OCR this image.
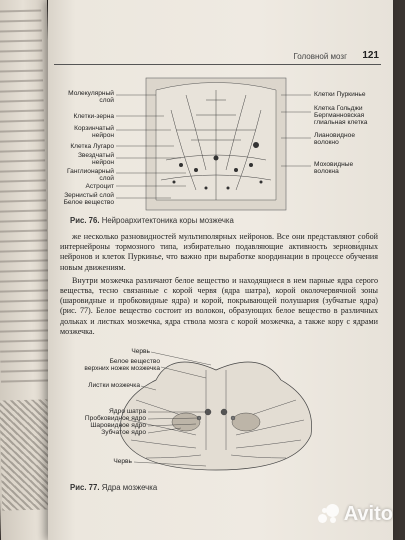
Головной мозг 121
Молекулярный
слой
Клетки-зерна
Корзинчатый
нейрон
Клетка Лугаро
Звездчатый
нейрон
Ганглионарный
слой
Астроцит
Зернистый слой
Белое вещество
Клетки Пуркинье
Клетка Гольджи
Бергманновская
глиальная клетка
Лиановидное
волокно
Моховидные
волокна
Рис. 76. Нейроархитектоника коры мозжечка

же несколько разновидностей мультиполярных нейронов. Все они представляют собой интернейроны тормозного типа, избирательно подавляющие активность зернови́дных нейронов и клеток Пуркинье, что важно при выработке координации в процессе обучения новым движениям.

Внутри мозжечка различают белое вещество и находящиеся в нем парные ядра серого вещества, тесно связанные с корой червя (ядра шатра), корой околочервячной зоны (шаровидные и пробковидные ядра) и корой, покрывающей полушария (зубчатые ядра) (рис. 77). Белое вещество состоит из волокон, образующих белое вещество в различных дольках и листках мозжечка, ядра ствола мозга с корой мозжечка, а также кору с ядрами мозжечка.

Червь
Белое вещество
верхних ножек мозжечка
Листки мозжечка
Ядро шатра
Пробковидное ядро
Шаровидное ядро
Зубчатое ядро
Червь
Рис. 77. Ядра мозжечка
Avito
